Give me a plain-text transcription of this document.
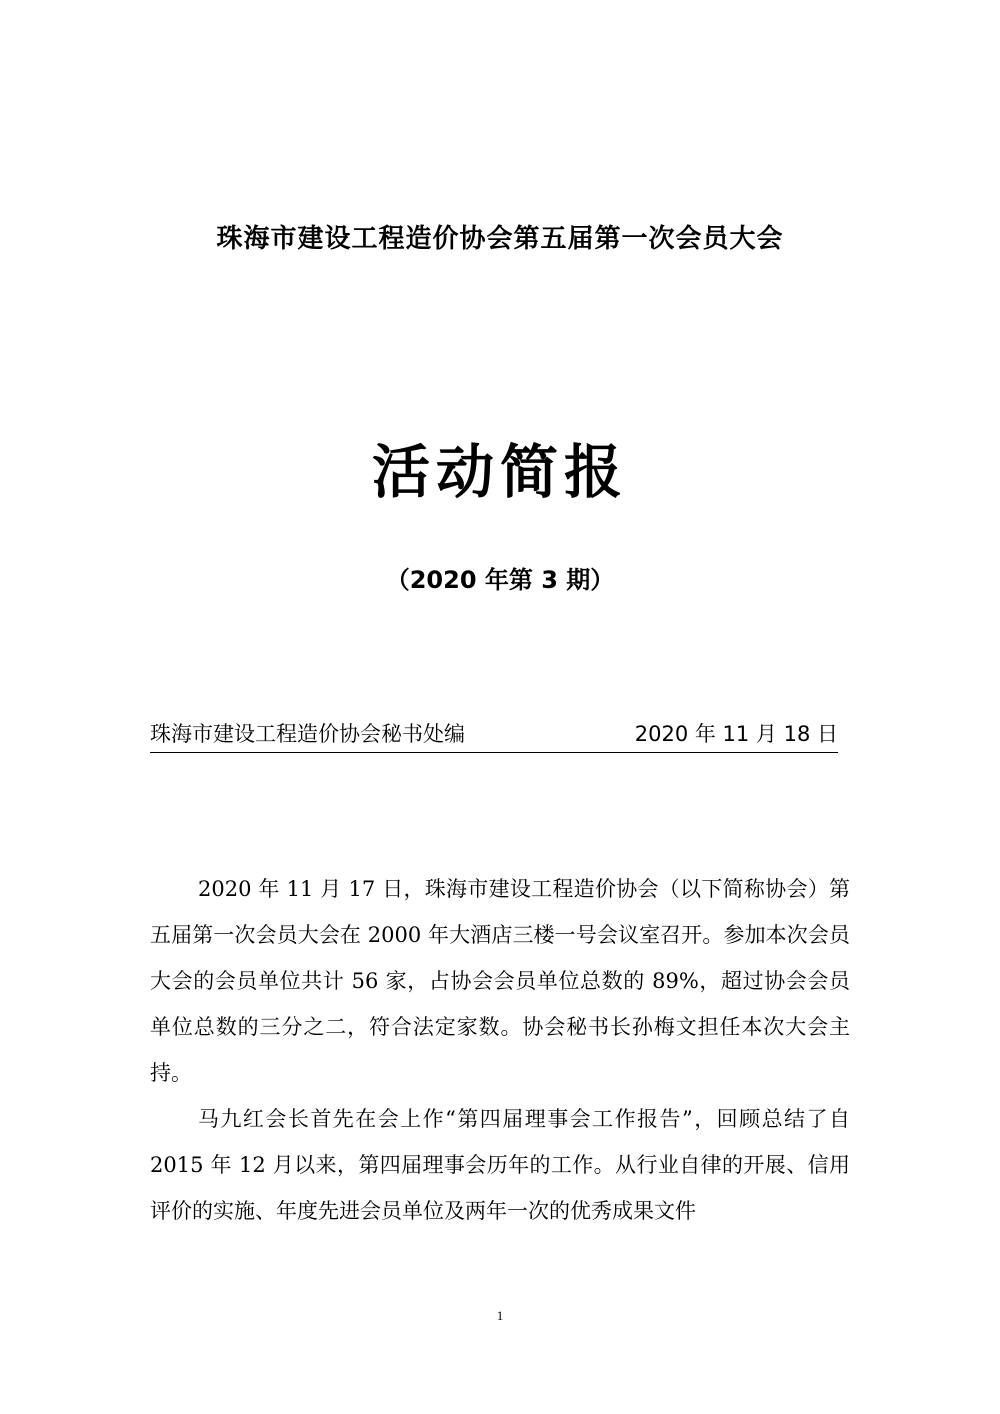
珠海市建设工程造价协会第五届第一次会员大会
活动简报
（2020 年第 3 期）
珠海市建设工程造价协会秘书处编	2020 年 11 月 18 日

2020 年 11 月 17 日，珠海市建设工程造价协会（以下简称协会）第五届第一次会员大会在 2000 年大酒店三楼一号会议室召开。参加本次会员大会的会员单位共计 56 家，占协会会员单位总数的 89%，超过协会会员单位总数的三分之二，符合法定家数。协会秘书长孙梅文担任本次大会主持。

马九红会长首先在会上作“第四届理事会工作报告”，回顾总结了自 2015 年 12 月以来，第四届理事会历年的工作。从行业自律的开展、信用评价的实施、年度先进会员单位及两年一次的优秀成果文件

1
